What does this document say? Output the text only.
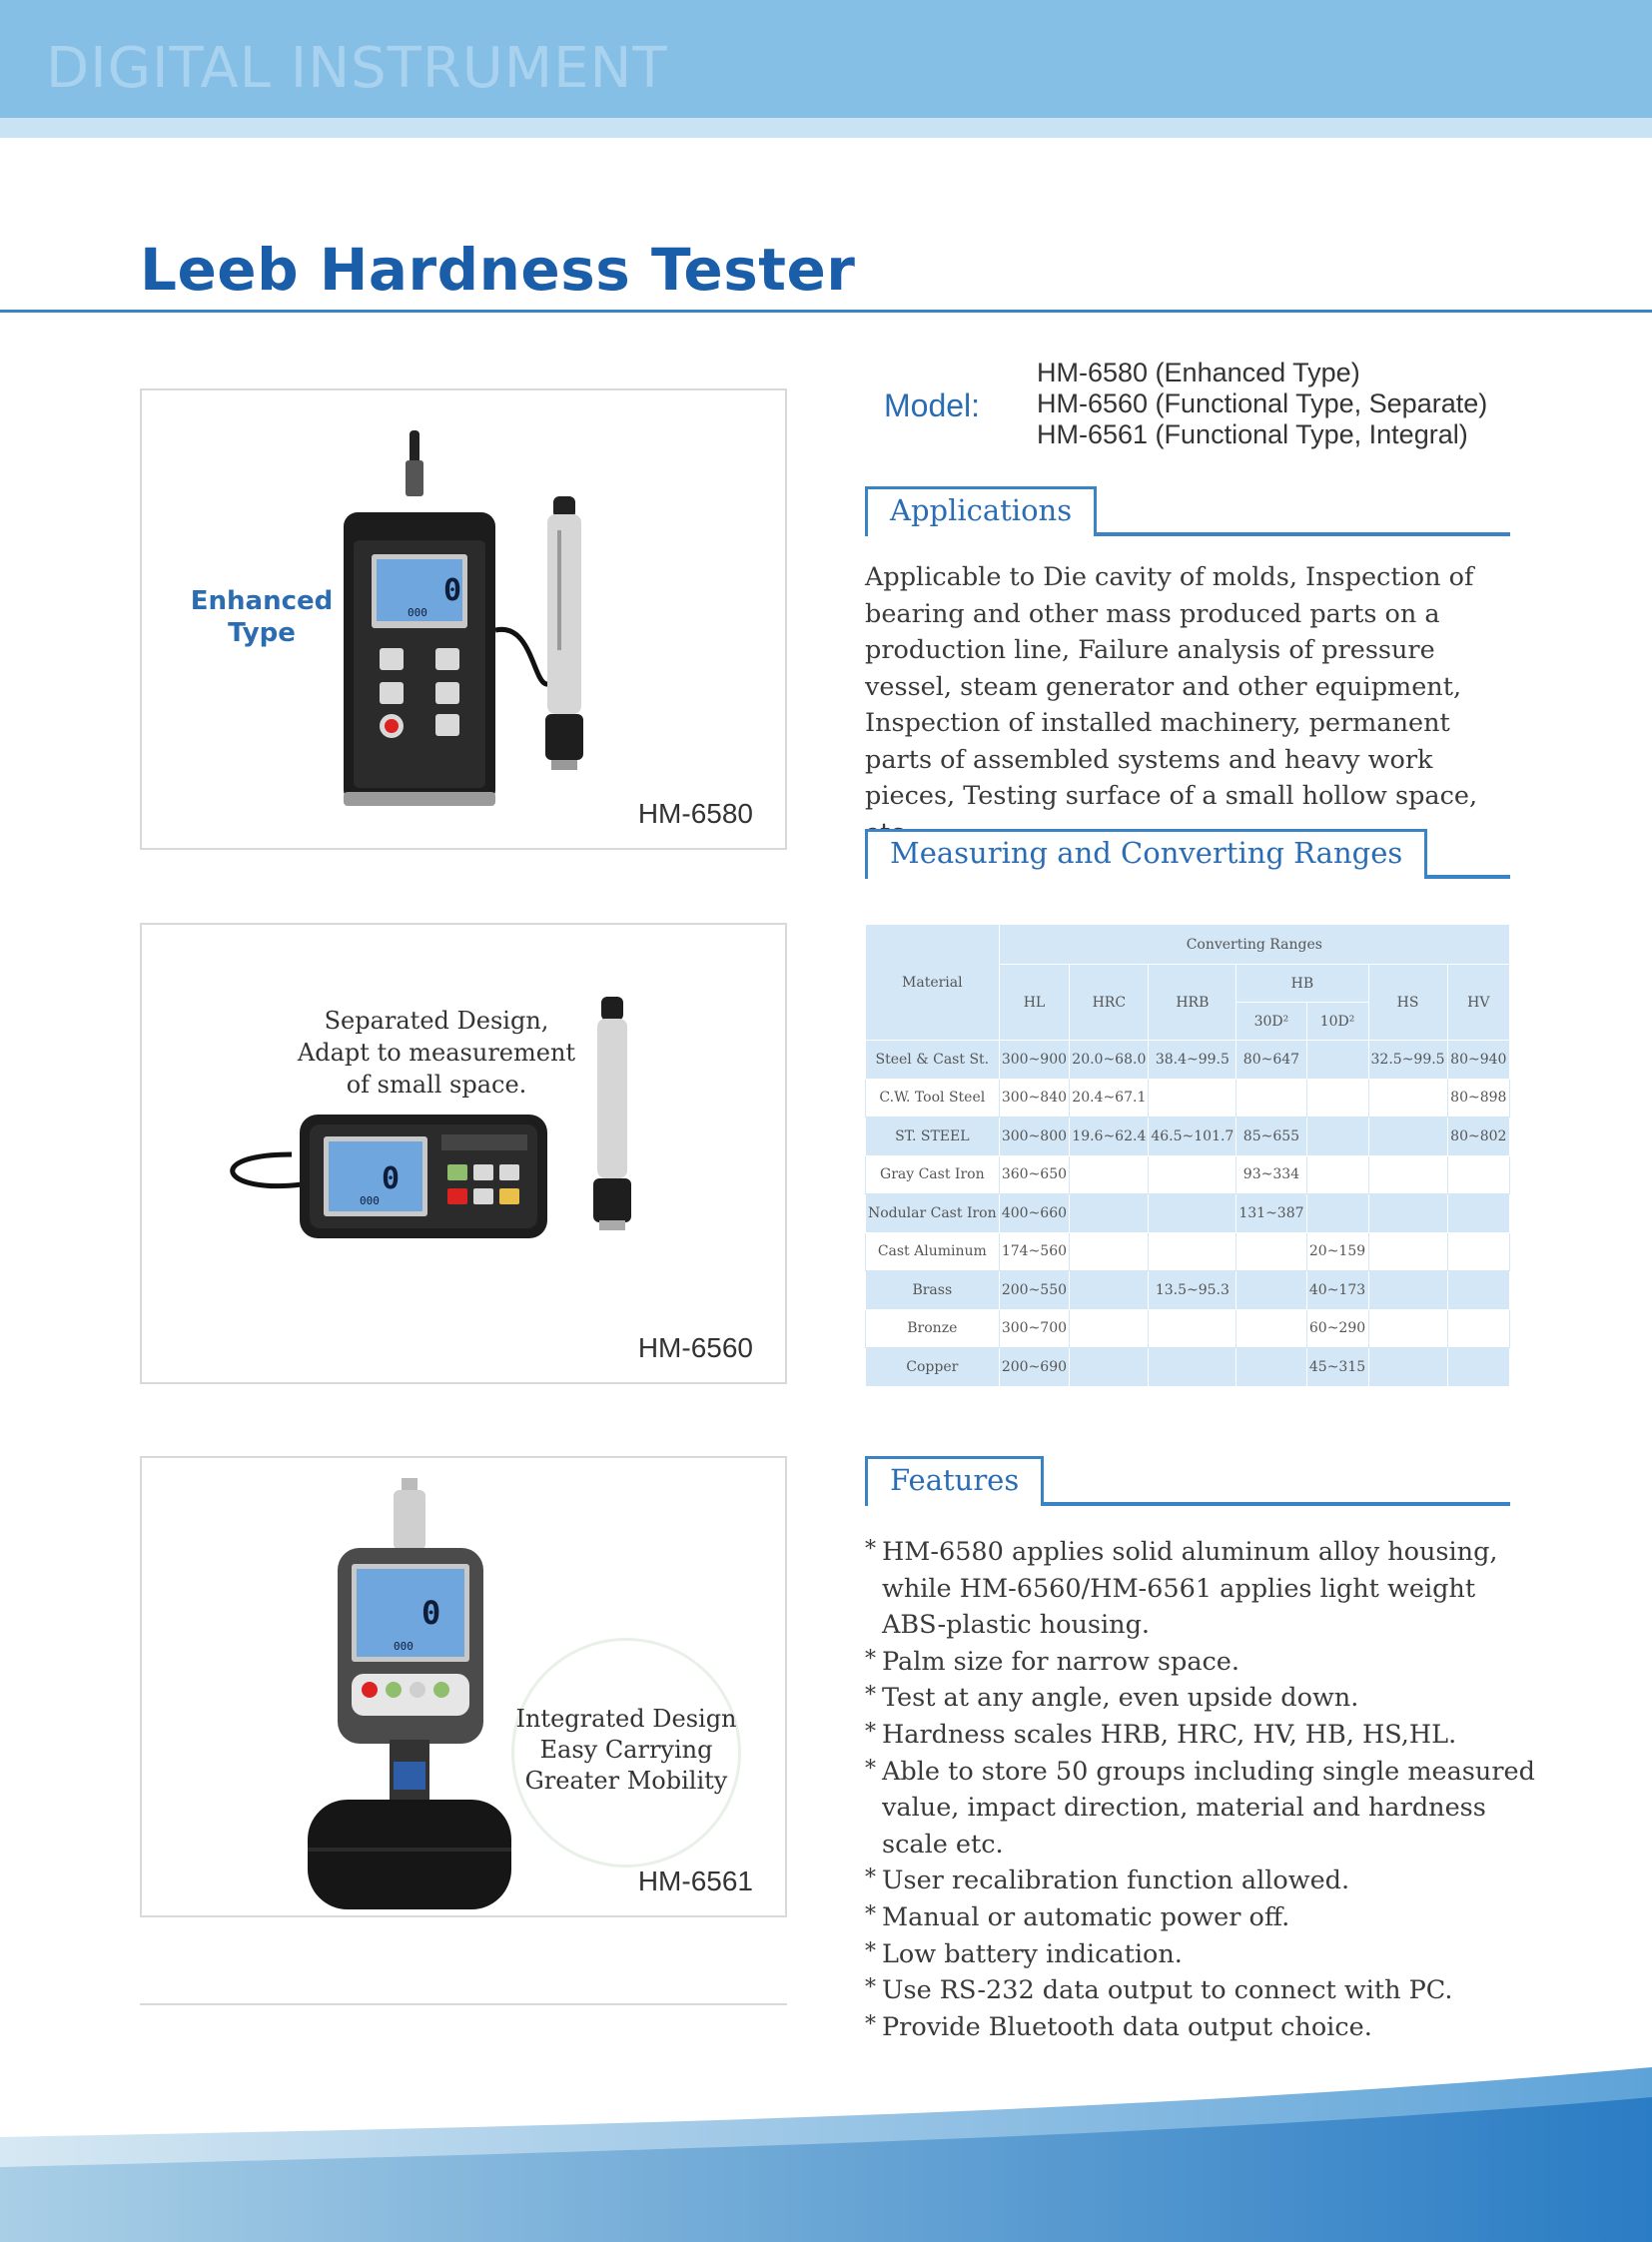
DIGITAL INSTRUMENT
Leeb Hardness Tester
Enhanced
Type
0
000
HM-6580
Separated Design,
Adapt to measurement
of small space.
0
000
HM-6560
0
000
Integrated Design
Easy Carrying
Greater Mobility
HM-6561
Model:
HM-6580 (Enhanced Type)
HM-6560 (Functional Type, Separate)
HM-6561 (Functional Type, Integral)
Applications

Applicable to Die cavity of molds, Inspection of bearing and other mass produced parts on a production line, Failure analysis of pressure vessel, steam generator and other equipment, Inspection of installed machinery, permanent parts of assembled systems and heavy work pieces, Testing surface of a small hollow space,

Measuring and Converting Ranges
Material	Converting Ranges						
	HL	HRC	HRB	HB		HS	HV
				30D²	10D²		
Steel & Cast St.	300~900	20.0~68.0	38.4~99.5	80~647		32.5~99.5	80~940
C.W. Tool Steel	300~840	20.4~67.1					80~898
ST. STEEL	300~800	19.6~62.4	46.5~101.7	85~655			80~802
Gray Cast Iron	360~650			93~334			
Nodular Cast Iron	400~660			131~387			
Cast Aluminum	174~560				20~159		
Brass	200~550		13.5~95.3		40~173		
Bronze	300~700				60~290		
Copper	200~690				45~315		
Features
* HM-6580 applies solid aluminum alloy housing, while HM-6560/HM-6561 applies light weight ABS-plastic housing.
* Palm size for narrow space.
* Test at any angle, even upside down.
* Hardness scales HRB, HRC, HV, HB, HS,HL.
* Able to store 50 groups including single measured value, impact direction, material and hardness scale etc.
* User recalibration function allowed.
* Manual or automatic power off.
* Low battery indication.
* Use RS-232 data output to connect with PC.
* Provide Bluetooth data output choice.
